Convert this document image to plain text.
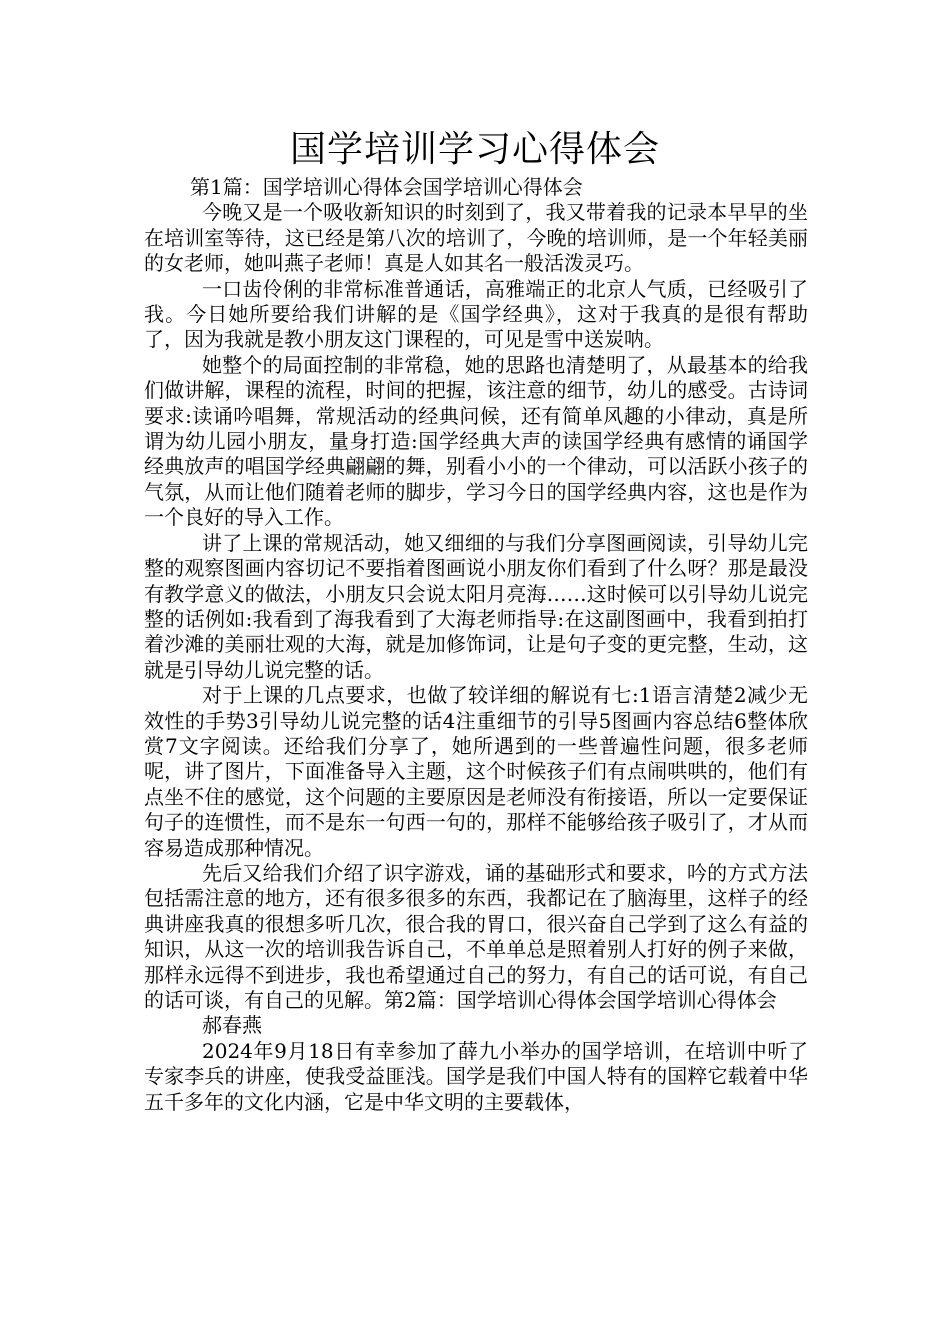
国学培训学习心得体会

第1篇：国学培训心得体会国学培训心得体会

今晚又是一个吸收新知识的时刻到了，我又带着我的记录本早早的坐在培训室等待，这已经是第八次的培训了，今晚的培训师，是一个年轻美丽的女老师，她叫燕子老师！真是人如其名一般活泼灵巧。

一口齿伶俐的非常标准普通话，高雅端正的北京人气质，已经吸引了我。今日她所要给我们讲解的是《国学经典》，这对于我真的是很有帮助了，因为我就是教小朋友这门课程的，可见是雪中送炭呐。

她整个的局面控制的非常稳，她的思路也清楚明了，从最基本的给我们做讲解，课程的流程，时间的把握，该注意的细节，幼儿的感受。古诗词要求:读诵吟唱舞，常规活动的经典问候，还有简单风趣的小律动，真是所谓为幼儿园小朋友，量身打造:国学经典大声的读国学经典有感情的诵国学经典放声的唱国学经典翩翩的舞，别看小小的一个律动，可以活跃小孩子的气氛，从而让他们随着老师的脚步，学习今日的国学经典内容，这也是作为一个良好的导入工作。

讲了上课的常规活动，她又细细的与我们分享图画阅读，引导幼儿完整的观察图画内容切记不要指着图画说小朋友你们看到了什么呀？那是最没有教学意义的做法，小朋友只会说太阳月亮海……这时候可以引导幼儿说完整的话例如:我看到了海我看到了大海老师指导:在这副图画中，我看到拍打着沙滩的美丽壮观的大海，就是加修饰词，让是句子变的更完整，生动，这就是引导幼儿说完整的话。

对于上课的几点要求，也做了较详细的解说有七:1语言清楚2减少无效性的手势3引导幼儿说完整的话4注重细节的引导5图画内容总结6整体欣赏7文字阅读。还给我们分享了，她所遇到的一些普遍性问题，很多老师呢，讲了图片，下面准备导入主题，这个时候孩子们有点闹哄哄的，他们有点坐不住的感觉，这个问题的主要原因是老师没有衔接语，所以一定要保证句子的连惯性，而不是东一句西一句的，那样不能够给孩子吸引了，才从而容易造成那种情况。

先后又给我们介绍了识字游戏，诵的基础形式和要求，吟的方式方法包括需注意的地方，还有很多很多的东西，我都记在了脑海里，这样子的经典讲座我真的很想多听几次，很合我的胃口，很兴奋自己学到了这么有益的知识，从这一次的培训我告诉自己，不单单总是照着别人打好的例子来做，那样永远得不到进步，我也希望通过自己的努力，有自己的话可说，有自己的话可谈，有自己的见解。第2篇：国学培训心得体会国学培训心得体会

郝春燕

2024年9月18日有幸参加了薛九小举办的国学培训，在培训中听了专家李兵的讲座，使我受益匪浅。国学是我们中国人特有的国粹它载着中华五千多年的文化内涵，它是中华文明的主要载体，
